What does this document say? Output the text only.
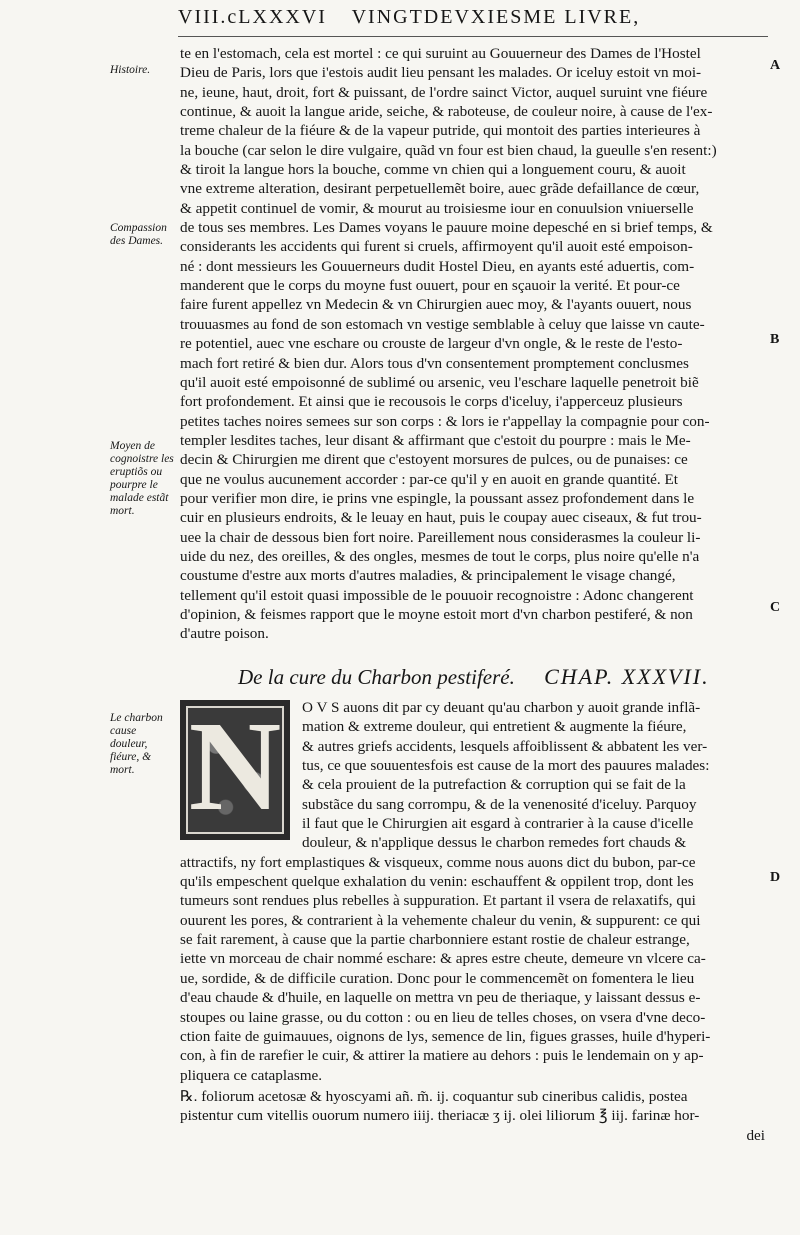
VIII.cLXXXVI VINGTDEVXIESME LIVRE,
Histoire.
Compassion des Dames.
Moyen de cognoistre les eruptiõs ou pourpre le malade estãt mort.
Le charbon cause douleur, fiéure, & mort.
A
B
C
D
te en l'estomach, cela est mortel : ce qui suruint au Gouuerneur des Dames de l'Hostel
Dieu de Paris, lors que i'estois audit lieu pensant les malades. Or iceluy estoit vn moi-
ne, ieune, haut, droit, fort & puissant, de l'ordre sainct Victor, auquel suruint vne fiéure
continue, & auoit la langue aride, seiche, & raboteuse, de couleur noire, à cause de l'ex-
treme chaleur de la fiéure & de la vapeur putride, qui montoit des parties interieures à
la bouche (car selon le dire vulgaire, quãd vn four est bien chaud, la gueulle s'en resent:)
& tiroit la langue hors la bouche, comme vn chien qui a longuement couru, & auoit
vne extreme alteration, desirant perpetuellemẽt boire, auec grãde defaillance de cœur,
& appetit continuel de vomir, & mourut au troisiesme iour en conuulsion vniuerselle
de tous ses membres. Les Dames voyans le pauure moine depesché en si brief temps, &
considerants les accidents qui furent si cruels, affirmoyent qu'il auoit esté empoison-
né : dont messieurs les Gouuerneurs dudit Hostel Dieu, en ayants esté aduertis, com-
manderent que le corps du moyne fust ouuert, pour en sçauoir la verité. Et pour-ce
faire furent appellez vn Medecin & vn Chirurgien auec moy, & l'ayants ouuert, nous
trouuasmes au fond de son estomach vn vestige semblable à celuy que laisse vn caute-
re potentiel, auec vne eschare ou crouste de largeur d'vn ongle, & le reste de l'esto-
mach fort retiré & bien dur. Alors tous d'vn consentement promptement conclusmes
qu'il auoit esté empoisonné de sublimé ou arsenic, veu l'eschare laquelle penetroit biẽ
fort profondement. Et ainsi que ie recousois le corps d'iceluy, i'apperceuz plusieurs
petites taches noires semees sur son corps : & lors ie r'appellay la compagnie pour con-
templer lesdites taches, leur disant & affirmant que c'estoit du pourpre : mais le Me-
decin & Chirurgien me dirent que c'estoyent morsures de pulces, ou de punaises: ce
que ne voulus aucunement accorder : par-ce qu'il y en auoit en grande quantité. Et
pour verifier mon dire, ie prins vne espingle, la poussant assez profondement dans le
cuir en plusieurs endroits, & le leuay en haut, puis le coupay auec ciseaux, & fut trou-
uee la chair de dessous bien fort noire. Pareillement nous considerasmes la couleur li-
uide du nez, des oreilles, & des ongles, mesmes de tout le corps, plus noire qu'elle n'a
coustume d'estre aux morts d'autres maladies, & principalement le visage changé,
tellement qu'il estoit quasi impossible de le pouuoir recognoistre : Adonc changerent
d'opinion, & feismes rapport que le moyne estoit mort d'vn charbon pestiferé, & non
d'autre poison.
De la cure du Charbon pestiferé. CHAP. XXXVII.
N	O V S auons dit par cy deuant qu'au charbon y auoit grande inflã-
mation & extreme douleur, qui entretient & augmente la fiéure,
& autres griefs accidents, lesquels affoiblissent & abbatent les ver-
tus, ce que souuentesfois est cause de la mort des pauures malades:
& cela prouient de la putrefaction & corruption qui se fait de la
substãce du sang corrompu, & de la venenosité d'iceluy. Parquoy
il faut que le Chirurgien ait esgard à contrarier à la cause d'icelle
douleur, & n'applique dessus le charbon remedes fort chauds &
attractifs, ny fort emplastiques & visqueux, comme nous auons dict du bubon, par-ce
qu'ils empeschent quelque exhalation du venin: eschauffent & oppilent trop, dont les
tumeurs sont rendues plus rebelles à suppuration. Et partant il vsera de relaxatifs, qui
ouurent les pores, & contrarient à la vehemente chaleur du venin, & suppurent: ce qui
se fait rarement, à cause que la partie charbonniere estant rostie de chaleur estrange,
iette vn morceau de chair nommé eschare: & apres estre cheute, demeure vn vlcere ca-
ue, sordide, & de difficile curation. Donc pour le commencemẽt on fomentera le lieu
d'eau chaude & d'huile, en laquelle on mettra vn peu de theriaque, y laissant dessus e-
stoupes ou laine grasse, ou du cotton : ou en lieu de telles choses, on vsera d'vne deco-
ction faite de guimauues, oignons de lys, semence de lin, figues grasses, huile d'hyperi-
con, à fin de rarefier le cuir, & attirer la matiere au dehors : puis le lendemain on y ap-
pliquera ce cataplasme.
℞. foliorum acetosæ & hyoscyami añ. m̃. ij. coquantur sub cineribus calidis, postea
pistentur cum vitellis ouorum numero iiij. theriacæ ʒ ij. olei liliorum ℥ iij. farinæ hor-
dei
